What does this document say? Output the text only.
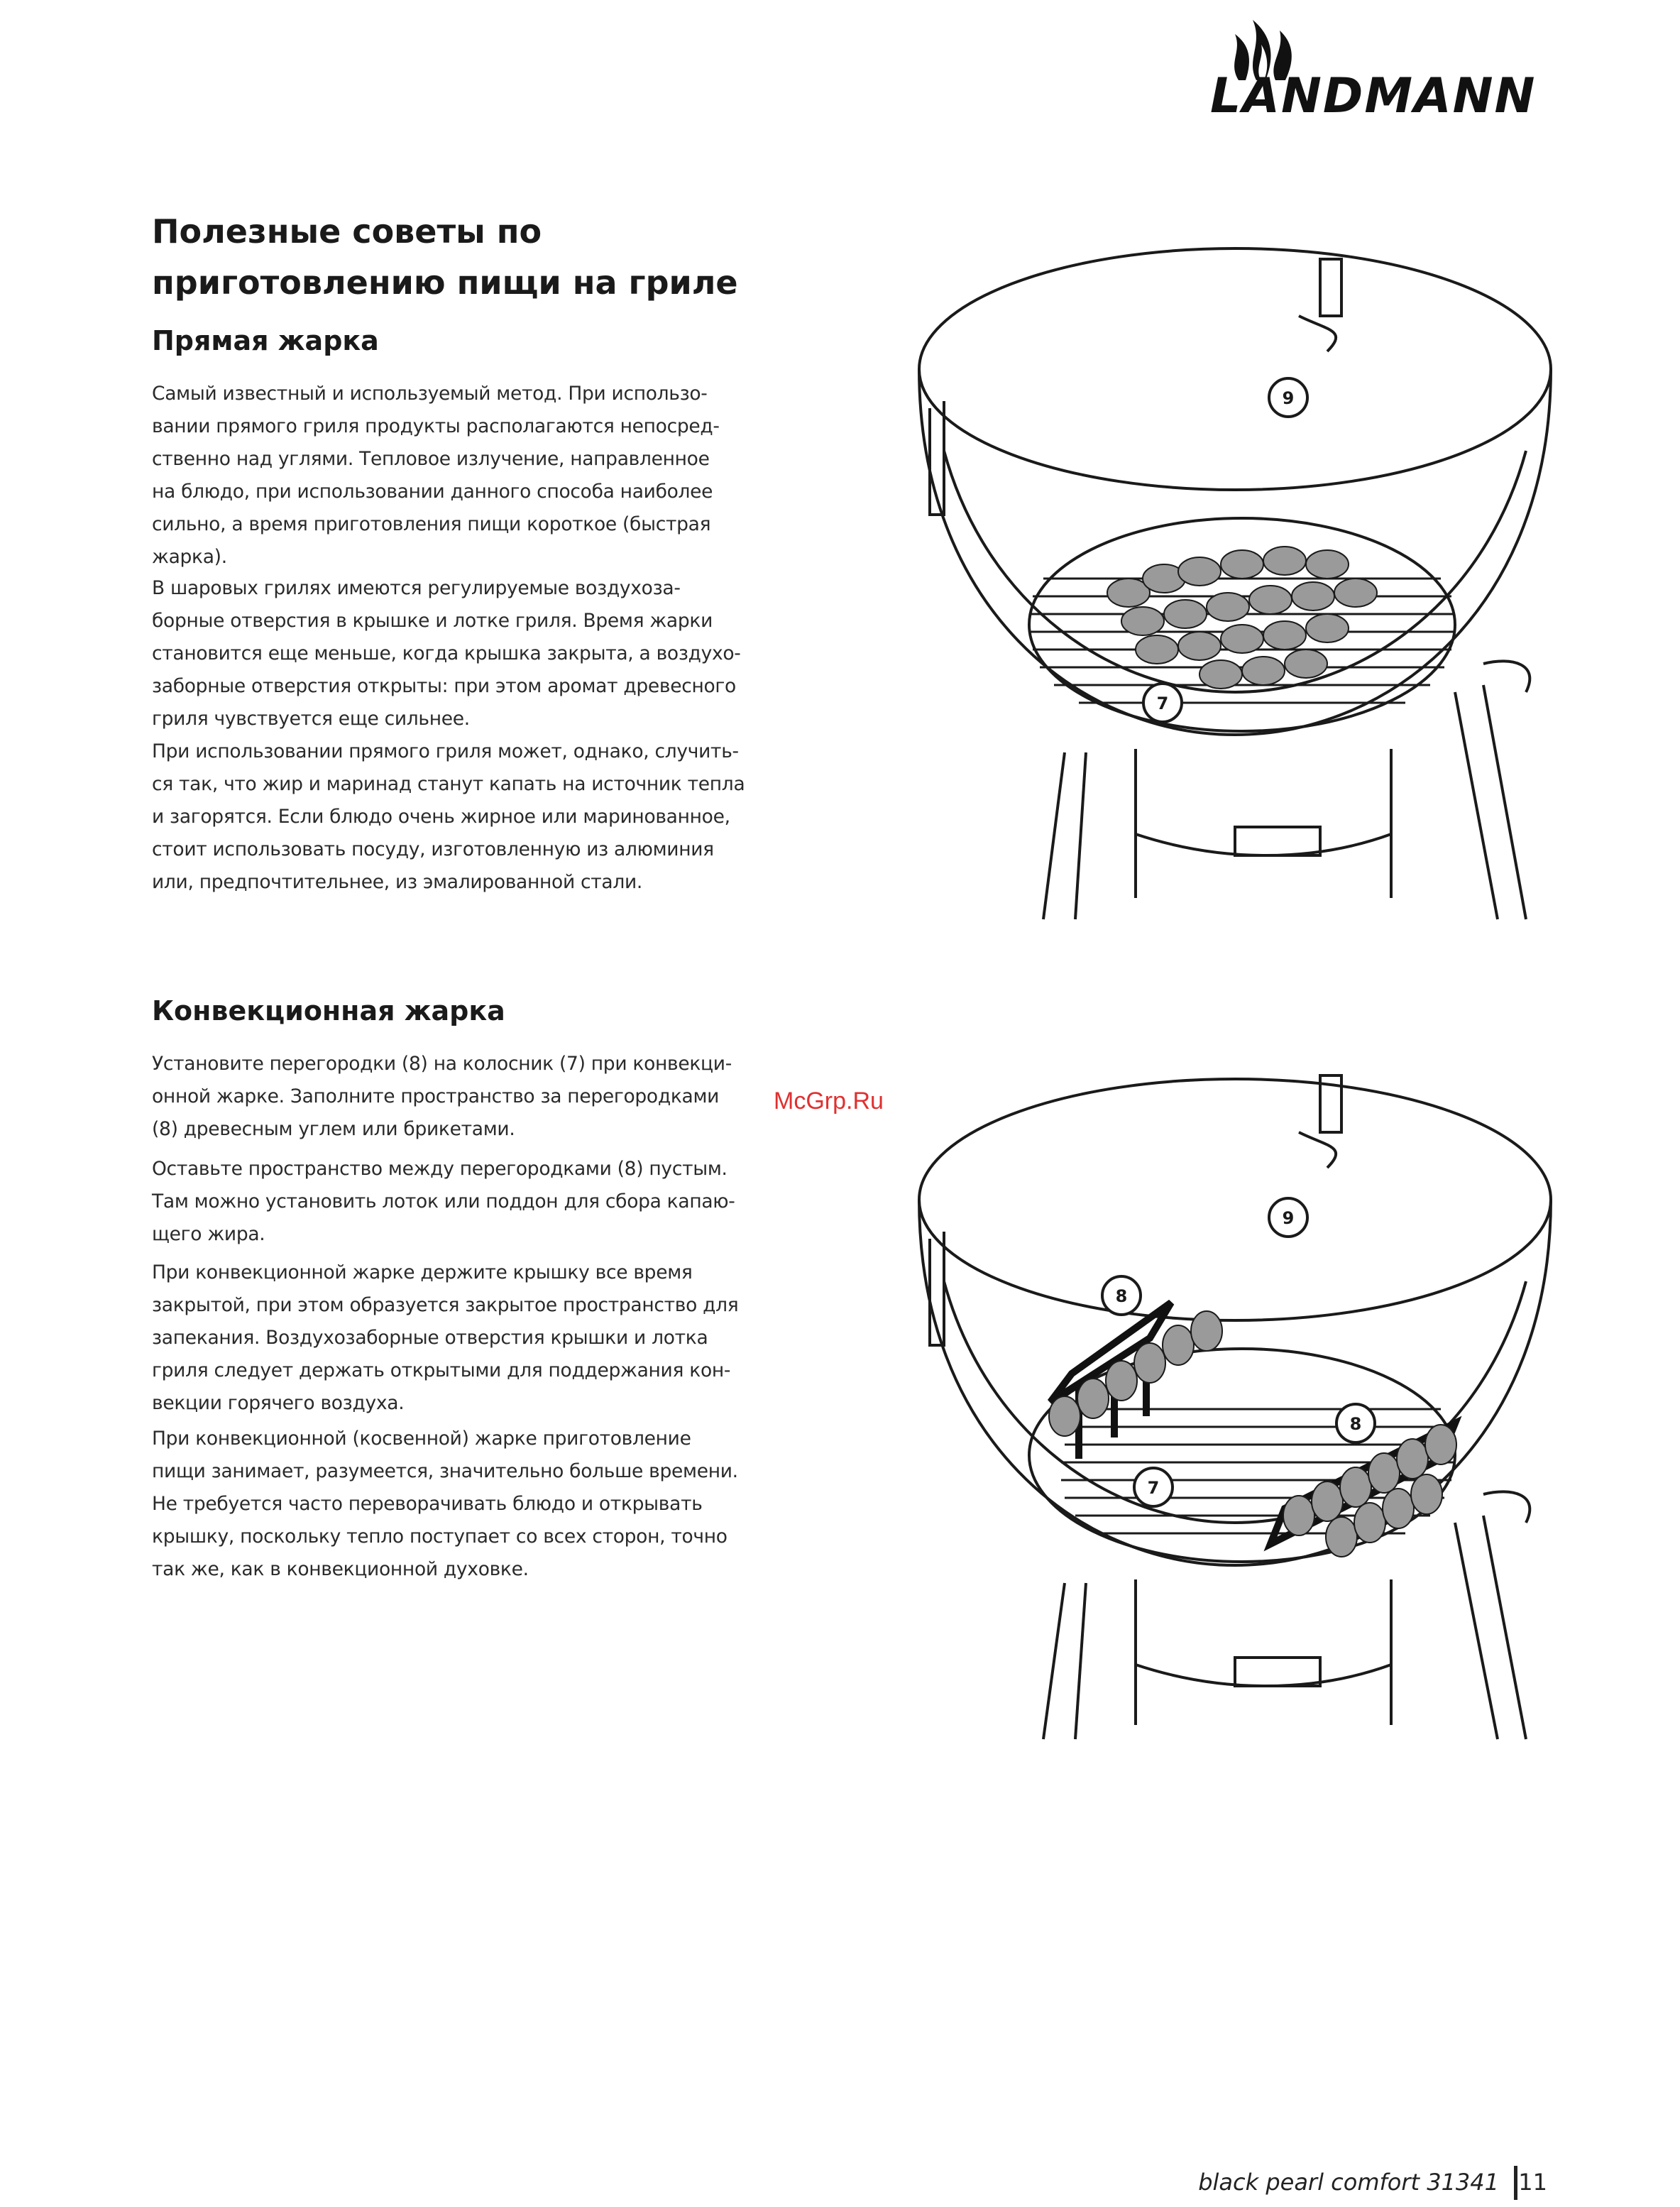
LANDMANN
Полезные советы по
приготовлению пищи на гриле
Прямая жарка

Самый известный и используемый метод. При использо-
вании прямого гриля продукты располагаются непосред-
ственно над углями. Тепловое излучение, направленное
на блюдо, при использовании данного способа наиболее
сильно, а время приготовления пищи короткое (быстрая
жарка).

В шаровых грилях имеются регулируемые воздухоза-
борные отверстия в крышке и лотке гриля. Время жарки
становится еще меньше, когда крышка закрыта, а воздухо-
заборные отверстия открыты: при этом аромат древесного
гриля чувствуется еще сильнее.

При использовании прямого гриля может, однако, случить-
ся так, что жир и маринад станут капать на источник тепла
и загорятся. Если блюдо очень жирное или маринованное,
стоит использовать посуду, изготовленную из алюминия
или, предпочтительнее, из эмалированной стали.

Конвекционная жарка

Установите перегородки (8) на колосник (7) при конвекци-
онной жарке. Заполните пространство за перегородками
(8) древесным углем или брикетами.

Оставьте пространство между перегородками (8) пустым.
Там можно установить лоток или поддон для сбора капаю-
щего жира.

При конвекционной жарке держите крышку все время
закрытой, при этом образуется закрытое пространство для
запекания. Воздухозаборные отверстия крышки и лотка
гриля следует держать открытыми для поддержания кон-
векции горячего воздуха.

При конвекционной (косвенной) жарке приготовление
пищи занимает, разумеется, значительно больше времени.
Не требуется часто переворачивать блюдо и открывать
крышку, поскольку тепло поступает со всех сторон, точно
так же, как в конвекционной духовке.

McGrp.Ru
9
7
9
8
8
7
black pearl comfort 31341 11
